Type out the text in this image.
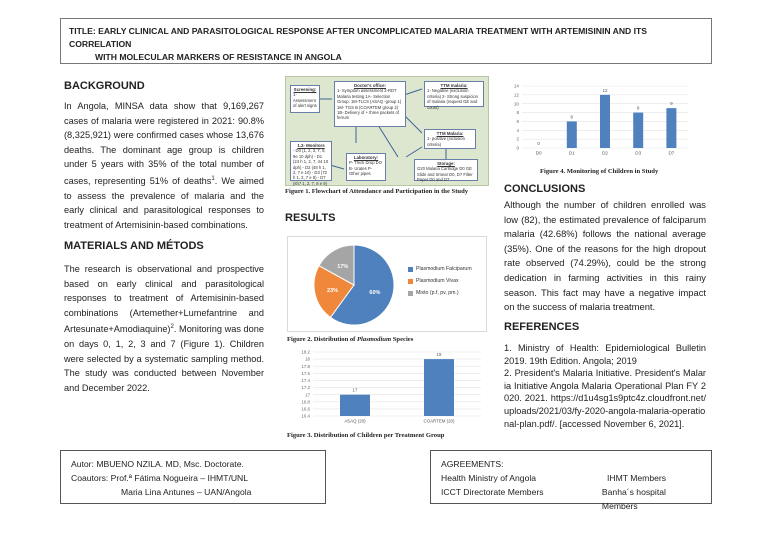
TITLE: EARLY CLINICAL AND PARASITOLOGICAL RESPONSE AFTER UNCOMPLICATED MALARIA TREATMENT WITH ARTEMISININ AND ITS CORRELATION
WITH MOLECULAR MARKERS OF RESISTANCE IN ANGOLA
BACKGROUND
In Angola, MINSA data show that 9,169,267 cases of malaria were registered in 2021: 90.8% (8,325,921) were confirmed cases whose 13,676 deaths. The dominant age group is children under 5 years with 35% of the total number of cases, representing 51% of deaths$^1$. We aimed to assess the prevalence of malaria and the early clinical and parasitological responses to treatment of Artemisinin-based combinations.
MATERIALS AND MÉTODS
The research is observational and prospective based on early clinical and parasitological responses to treatment of Artemisinin-based combinations (Artemether+Lumefantrine and Artesunate+Amodiaquine)$^2$. Monitoring was done on days 0, 1, 2, 3 and 7 (Figure 1). Children were selected by a systematic sampling method. The study was conducted between November and December 2022.
Screening:
1- Assessment of alert signs
Doctor's office:
1- Symptom assessment 2-RDT Malaria testing 1A- Selection Group: 1M-TLCS (ASAQ -group 1) 1M- TGS B (COARTEM group 2) 1B- Delivery of + three packets of ferrum
TTM malaria:
1- Negative (exclusion criteria) 2- Strong suspicion of malaria (request GE and count)
TTM Malaria:
1- positive (inclusion criteria)
1.2- Monitors
- D0 (1, 2, 3, 7, 8, 9e 10 dph) - D1 (24 h 1, 2, 7, 44 10 dph) - D2 (48 h 1, 2, 7 e 10) - D3 (72 h 1, 2, 7 e 8) - D7 (sh7 1, 2, 7, 8 e 9)
Laboratory:
P- Thick Drop DO B- Urates P- Other pipes
Storage:
G20 Malaria Cartridge D0 GE Slide and Smear D0, D7 Filter Paper D0 and D7
Figure 1. Flowchart of Attendance and Participation in the Study
RESULTS
60%
23%
17%	Plasmodium Falciparum
Plasmodium Vivax
Mixto (p.f, pv, pm.)
Figure 2. Distribution of Plasmodium Species
18.2
18
17.8
17.6
17.4
17.2
17
16.8
16.6
16.4
17
ASAQ (20)
18
COARTEM (20)
Figure 3. Distribution of Children per Treatment Group
14
12
10
8
6
4
2
0
0
D0
6
D1
12
D2
8
D3
9
D7
Figure 4. Monitoring of Children in Study
CONCLUSIONS
Although the number of children enrolled was low (82), the estimated prevalence of falciparum malaria (42.68%) follows the national average (35%). One of the reasons for the high dropout rate observed (74.29%), could be the strong dedication in farming activities in this rainy season. This fact may have a negative impact on the success of malaria treatment.
REFERENCES
1. Ministry of Health: Epidemiological Bulletin 2019. 19th Edition. Angola; 2019
2. President's Malaria Initiative. President's Malaria Initiative Angola Malaria Operational Plan FY 2020. 2021. https://d1u4sg1s9ptc4z.cloudfront.net/uploads/2021/03/fy-2020-angola-malaria-operational-plan.pdf/. [accessed November 6, 2021].
Autor: MBUENO NZILA. MD, Msc. Doctorate.
Coautors: Prof.ª Fátima Nogueira – IHMT/UNL
Maria Lina Antunes – UAN/Angola
AGREEMENTS:
Health Ministry of Angola	IHMT Members
ICCT Directorate Members	Banha´s hospital Members
